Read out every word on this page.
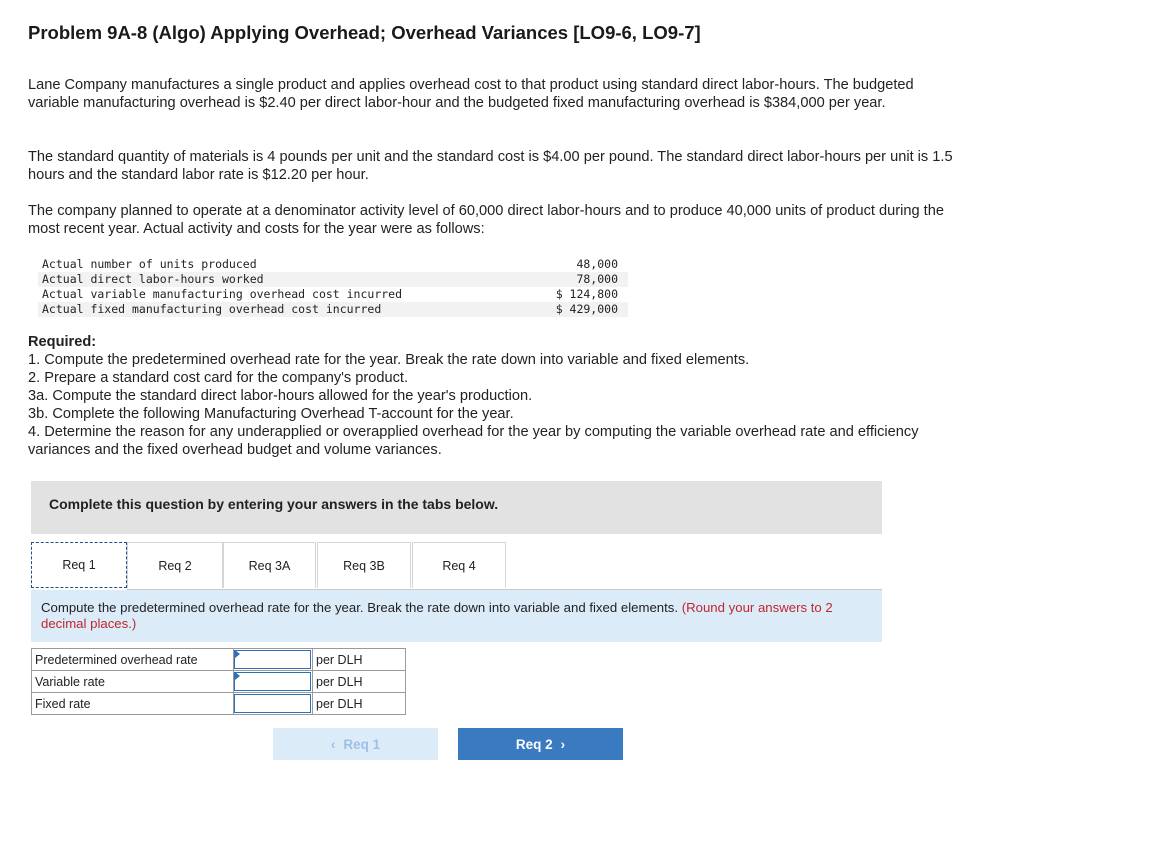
Problem 9A-8 (Algo) Applying Overhead; Overhead Variances [LO9-6, LO9-7]
Lane Company manufactures a single product and applies overhead cost to that product using standard direct labor-hours. The budgeted variable manufacturing overhead is $2.40 per direct labor-hour and the budgeted fixed manufacturing overhead is $384,000 per year.
The standard quantity of materials is 4 pounds per unit and the standard cost is $4.00 per pound. The standard direct labor-hours per unit is 1.5 hours and the standard labor rate is $12.20 per hour.
The company planned to operate at a denominator activity level of 60,000 direct labor-hours and to produce 40,000 units of product during the most recent year. Actual activity and costs for the year were as follows:
Actual number of units produced	48,000
Actual direct labor-hours worked	78,000
Actual variable manufacturing overhead cost incurred	$ 124,800
Actual fixed manufacturing overhead cost incurred	$ 429,000
Required:
1. Compute the predetermined overhead rate for the year. Break the rate down into variable and fixed elements.
2. Prepare a standard cost card for the company's product.
3a. Compute the standard direct labor-hours allowed for the year's production.
3b. Complete the following Manufacturing Overhead T-account for the year.
4. Determine the reason for any underapplied or overapplied overhead for the year by computing the variable overhead rate and efficiency variances and the fixed overhead budget and volume variances.
Complete this question by entering your answers in the tabs below.
Req 1	Req 2	Req 3A	Req 3B	Req 4
Compute the predetermined overhead rate for the year. Break the rate down into variable and fixed elements. (Round your answers to 2 decimal places.)
Predetermined overhead rate		per DLH
Variable rate		per DLH
Fixed rate		per DLH
‹ Req 1	Req 2 ›
